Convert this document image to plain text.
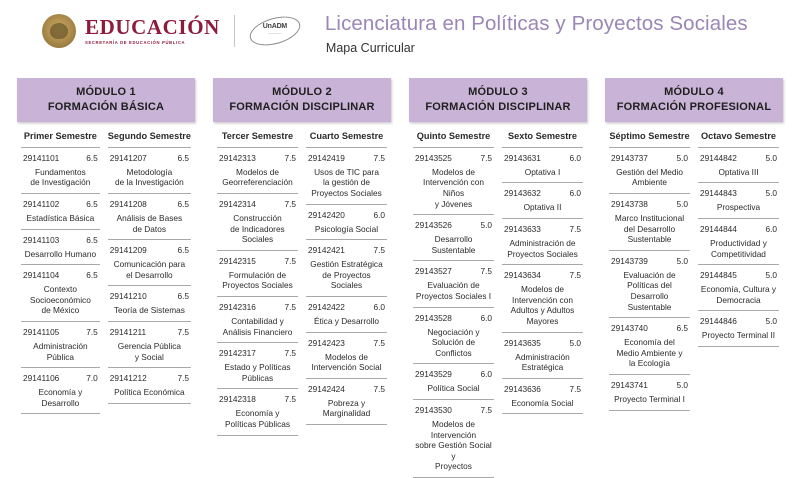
EDUCACIÓN
SECRETARÍA DE EDUCACIÓN PÚBLICA
UnADM
—————	Licenciatura en Políticas y Proyectos Sociales
Mapa Curricular
MÓDULO 1
FORMACIÓN BÁSICA
MÓDULO 2
FORMACIÓN DISCIPLINAR
MÓDULO 3
FORMACIÓN DISCIPLINAR
MÓDULO 4
FORMACIÓN PROFESIONAL
Primer Semestre
29141101	6.5
Fundamentos
de Investigación
29141102	6.5
Estadística Básica
29141103	6.5
Desarrollo Humano
29141104	6.5
Contexto
Socioeconómico
de México
29141105	7.5
Administración
Pública
29141106	7.0
Economía y
Desarrollo
Segundo Semestre
29141207	6.5
Metodología
de la Investigación
29141208	6.5
Análisis de Bases
de Datos
29141209	6.5
Comunicación para
el Desarrollo
29141210	6.5
Teoría de Sistemas
29141211	7.5
Gerencia Pública
y Social
29141212	7.5
Política Económica
Tercer Semestre
29142313	7.5
Modelos de
Georreferenciación
29142314	7.5
Construcción
de Indicadores
Sociales
29142315	7.5
Formulación de
Proyectos Sociales
29142316	7.5
Contabilidad y
Análisis Financiero
29142317	7.5
Estado y Políticas
Públicas
29142318	7.5
Economía y
Políticas Públicas
Cuarto Semestre
29142419	7.5
Usos de TIC para
la gestión de
Proyectos Sociales
29142420	6.0
Psicología Social
29142421	7.5
Gestión Estratégica
de Proyectos
Sociales
29142422	6.0
Ética y Desarrollo
29142423	7.5
Modelos de
Intervención Social
29142424	7.5
Pobreza y
Marginalidad
Quinto Semestre
29143525	7.5
Modelos de
Intervención con Niños
y Jóvenes
29143526	5.0
Desarrollo Sustentable
29143527	7.5
Evaluación de
Proyectos Sociales I
29143528	6.0
Negociación y
Solución de Conflictos
29143529	6.0
Política Social
29143530	7.5
Modelos de Intervención
sobre Gestión Social y
Proyectos
Sexto Semestre
29143631	6.0
Optativa I
29143632	6.0
Optativa II
29143633	7.5
Administración de
Proyectos Sociales
29143634	7.5
Modelos de
Intervención con
Adultos y Adultos
Mayores
29143635	5.0
Administración
Estratégica
29143636	7.5
Economía Social
Séptimo Semestre
29143737	5.0
Gestión del Medio
Ambiente
29143738	5.0
Marco Institucional
del Desarrollo
Sustentable
29143739	5.0
Evaluación de
Políticas del
Desarrollo
Sustentable
29143740	6.5
Economía del
Medio Ambiente y
la Ecología
29143741	5.0
Proyecto Terminal I
Octavo Semestre
29144842	5.0
Optativa III
29144843	5.0
Prospectiva
29144844	6.0
Productividad y
Competitividad
29144845	5.0
Economía, Cultura y
Democracia
29144846	5.0
Proyecto Terminal II
